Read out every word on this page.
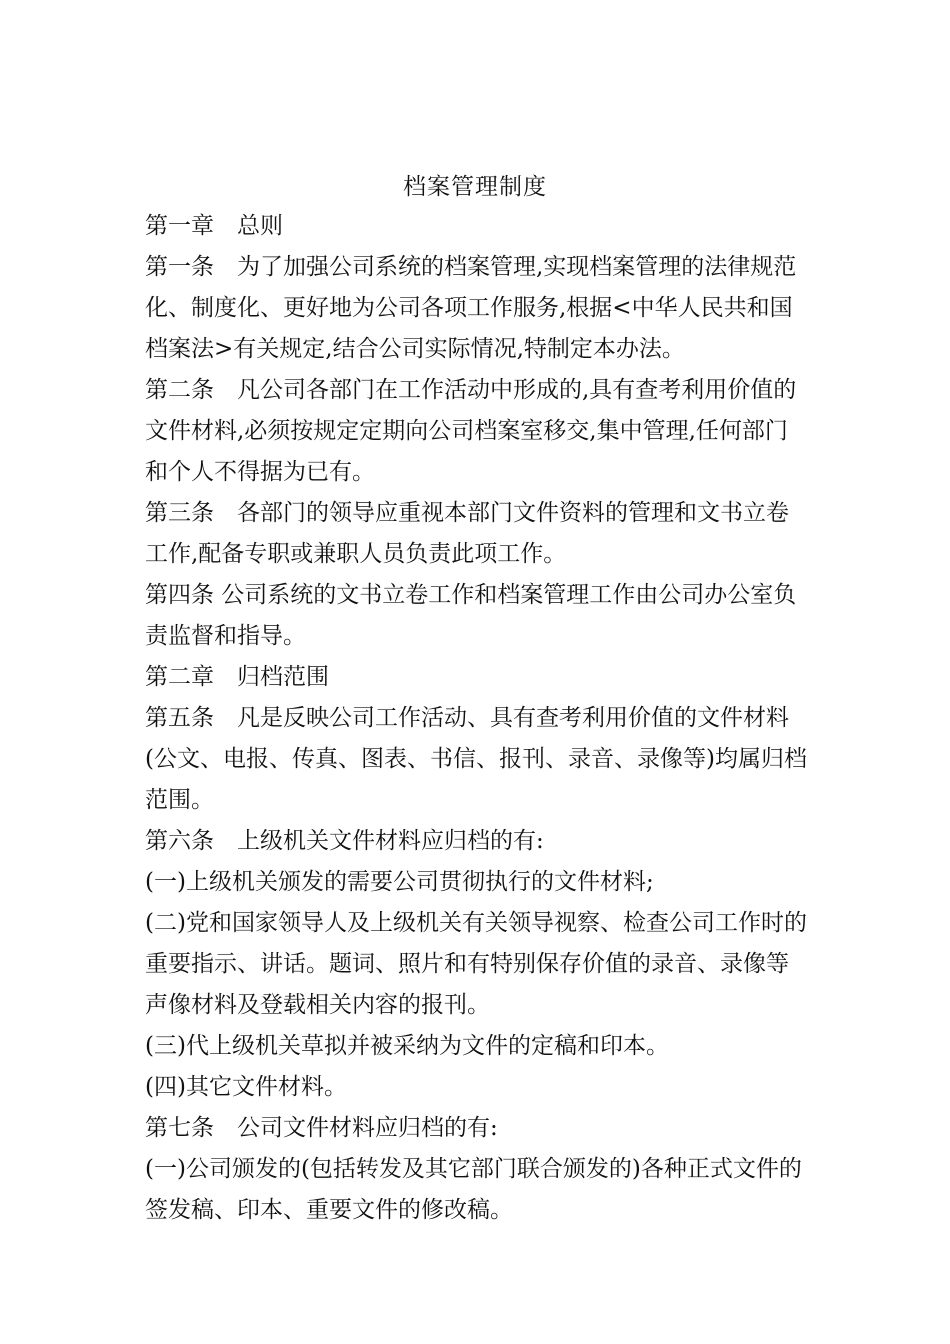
档案管理制度

第一章　总则

第一条　为了加强公司系统的档案管理,实现档案管理的法律规范化、制度化、更好地为公司各项工作服务,根据<中华人民共和国档案法>有关规定,结合公司实际情况,特制定本办法。

第二条　凡公司各部门在工作活动中形成的,具有查考利用价值的文件材料,必须按规定定期向公司档案室移交,集中管理,任何部门和个人不得据为已有。

第三条　各部门的领导应重视本部门文件资料的管理和文书立卷工作,配备专职或兼职人员负责此项工作。

第四条 公司系统的文书立卷工作和档案管理工作由公司办公室负责监督和指导。

第二章　归档范围

第五条　凡是反映公司工作活动、具有查考利用价值的文件材料(公文、电报、传真、图表、书信、报刊、录音、录像等)均属归档范围。

第六条　上级机关文件材料应归档的有:

(一)上级机关颁发的需要公司贯彻执行的文件材料;

(二)党和国家领导人及上级机关有关领导视察、检查公司工作时的重要指示、讲话。题词、照片和有特别保存价值的录音、录像等声像材料及登载相关内容的报刊。

(三)代上级机关草拟并被采纳为文件的定稿和印本。

(四)其它文件材料。

第七条　公司文件材料应归档的有:

(一)公司颁发的(包括转发及其它部门联合颁发的)各种正式文件的签发稿、印本、重要文件的修改稿。
